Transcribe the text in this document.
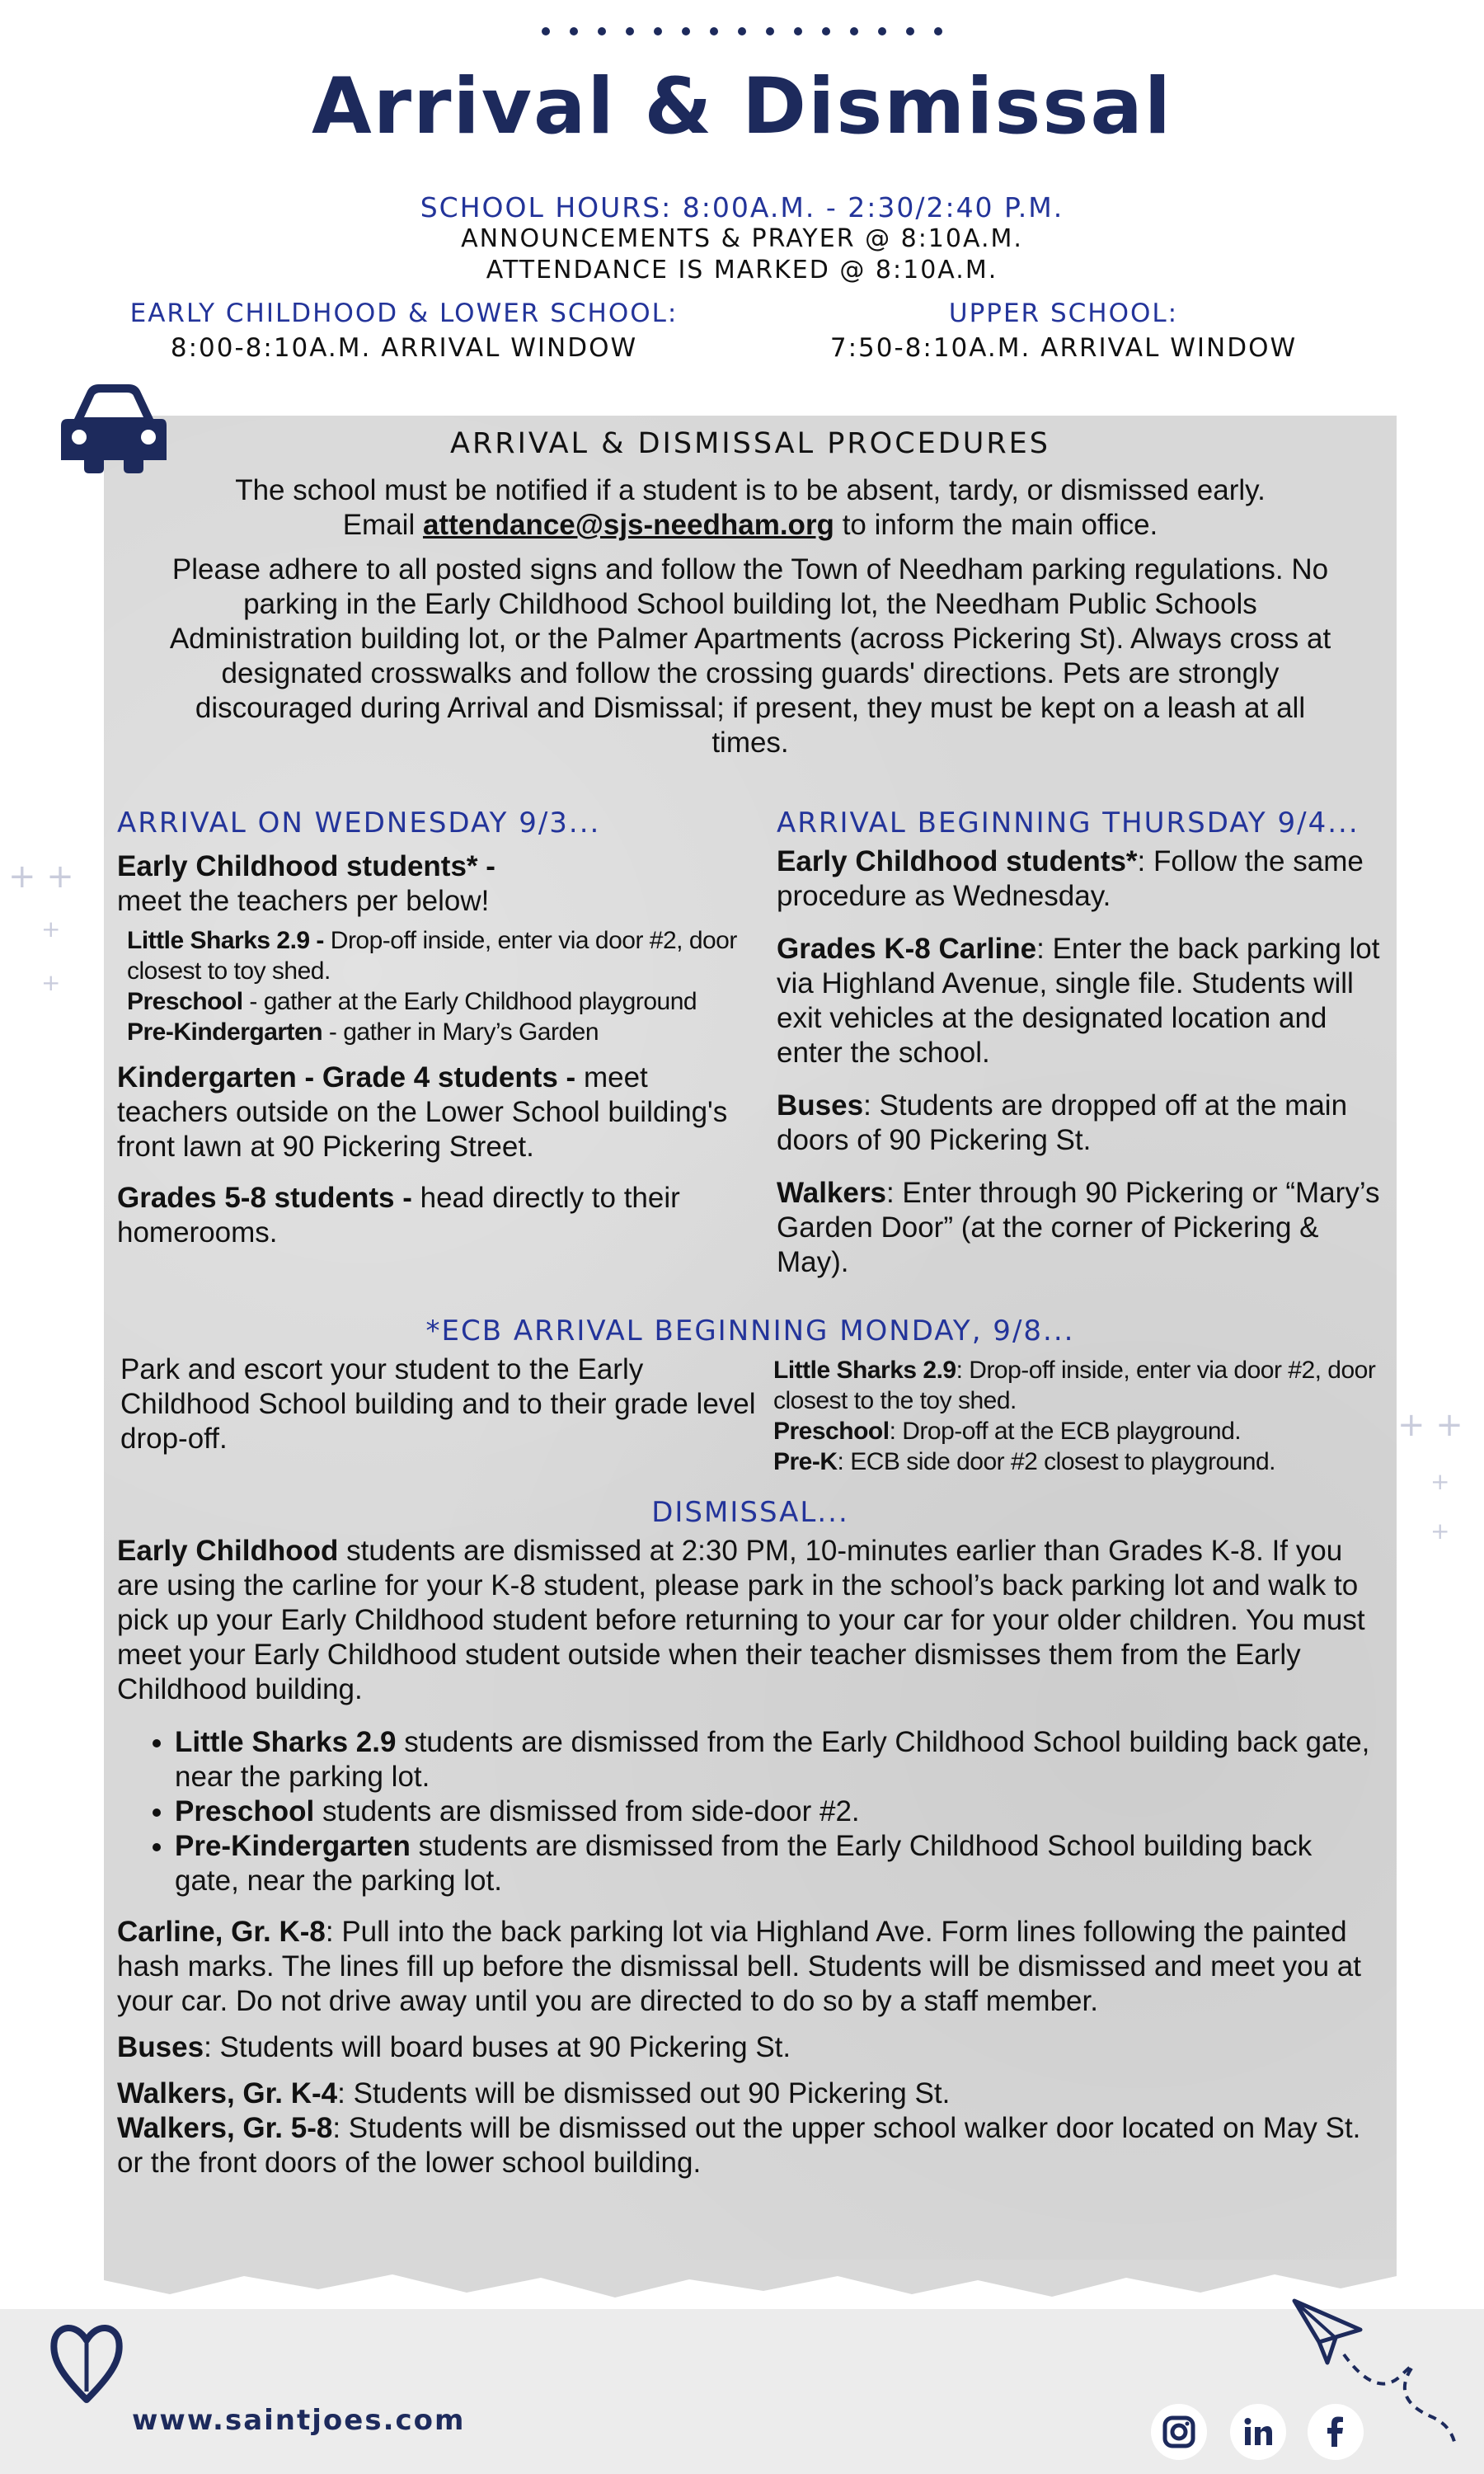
Arrival & Dismissal
SCHOOL HOURS: 8:00A.M. - 2:30/2:40 P.M.
ANNOUNCEMENTS & PRAYER @ 8:10A.M.
ATTENDANCE IS MARKED @ 8:10A.M.
EARLY CHILDHOOD & LOWER SCHOOL:
8:00-8:10A.M. ARRIVAL WINDOW
UPPER SCHOOL:
7:50-8:10A.M. ARRIVAL WINDOW
ARRIVAL & DISMISSAL PROCEDURES
The school must be notified if a student is to be absent, tardy, or dismissed early.
Email attendance@sjs-needham.org to inform the main office.
Please adhere to all posted signs and follow the Town of Needham parking regulations. No parking in the Early Childhood School building lot, the Needham Public Schools Administration building lot, or the Palmer Apartments (across Pickering St). Always cross at designated crosswalks and follow the crossing guards' directions. Pets are strongly discouraged during Arrival and Dismissal; if present, they must be kept on a leash at all times.
+ +
+
+
+ +
+
+
ARRIVAL ON WEDNESDAY 9/3...
Early Childhood students* -
meet the teachers per below!
Little Sharks 2.9 - Drop-off inside, enter via door #2, door closest to toy shed.
Preschool - gather at the Early Childhood playground
Pre-Kindergarten - gather in Mary’s Garden
Kindergarten - Grade 4 students - meet teachers outside on the Lower School building's front lawn at 90 Pickering Street.
Grades 5-8 students - head directly to their homerooms.
ARRIVAL BEGINNING THURSDAY 9/4...
Early Childhood students*: Follow the same procedure as Wednesday.
Grades K-8 Carline: Enter the back parking lot via Highland Avenue, single file. Students will exit vehicles at the designated location and enter the school.
Buses: Students are dropped off at the main doors of 90 Pickering St.
Walkers: Enter through 90 Pickering or “Mary’s Garden Door” (at the corner of Pickering & May).
*ECB ARRIVAL BEGINNING MONDAY, 9/8...
Park and escort your student to the Early Childhood School building and to their grade level drop-off.
Little Sharks 2.9: Drop-off inside, enter via door #2, door closest to the toy shed.
Preschool: Drop-off at the ECB playground.
Pre-K: ECB side door #2 closest to playground.
DISMISSAL...
Early Childhood students are dismissed at 2:30 PM, 10-minutes earlier than Grades K-8. If you are using the carline for your K-8 student, please park in the school’s back parking lot and walk to pick up your Early Childhood student before returning to your car for your older children. You must meet your Early Childhood student outside when their teacher dismisses them from the Early Childhood building.
• Little Sharks 2.9 students are dismissed from the Early Childhood School building back gate, near the parking lot.
• Preschool students are dismissed from side-door #2.
• Pre-Kindergarten students are dismissed from the Early Childhood School building back gate, near the parking lot.
Carline, Gr. K-8: Pull into the back parking lot via Highland Ave. Form lines following the painted hash marks. The lines fill up before the dismissal bell. Students will be dismissed and meet you at your car. Do not drive away until you are directed to do so by a staff member.
Buses: Students will board buses at 90 Pickering St.
Walkers, Gr. K-4: Students will be dismissed out 90 Pickering St.
Walkers, Gr. 5-8: Students will be dismissed out the upper school walker door located on May St. or the front doors of the lower school building.
www.saintjoes.com
